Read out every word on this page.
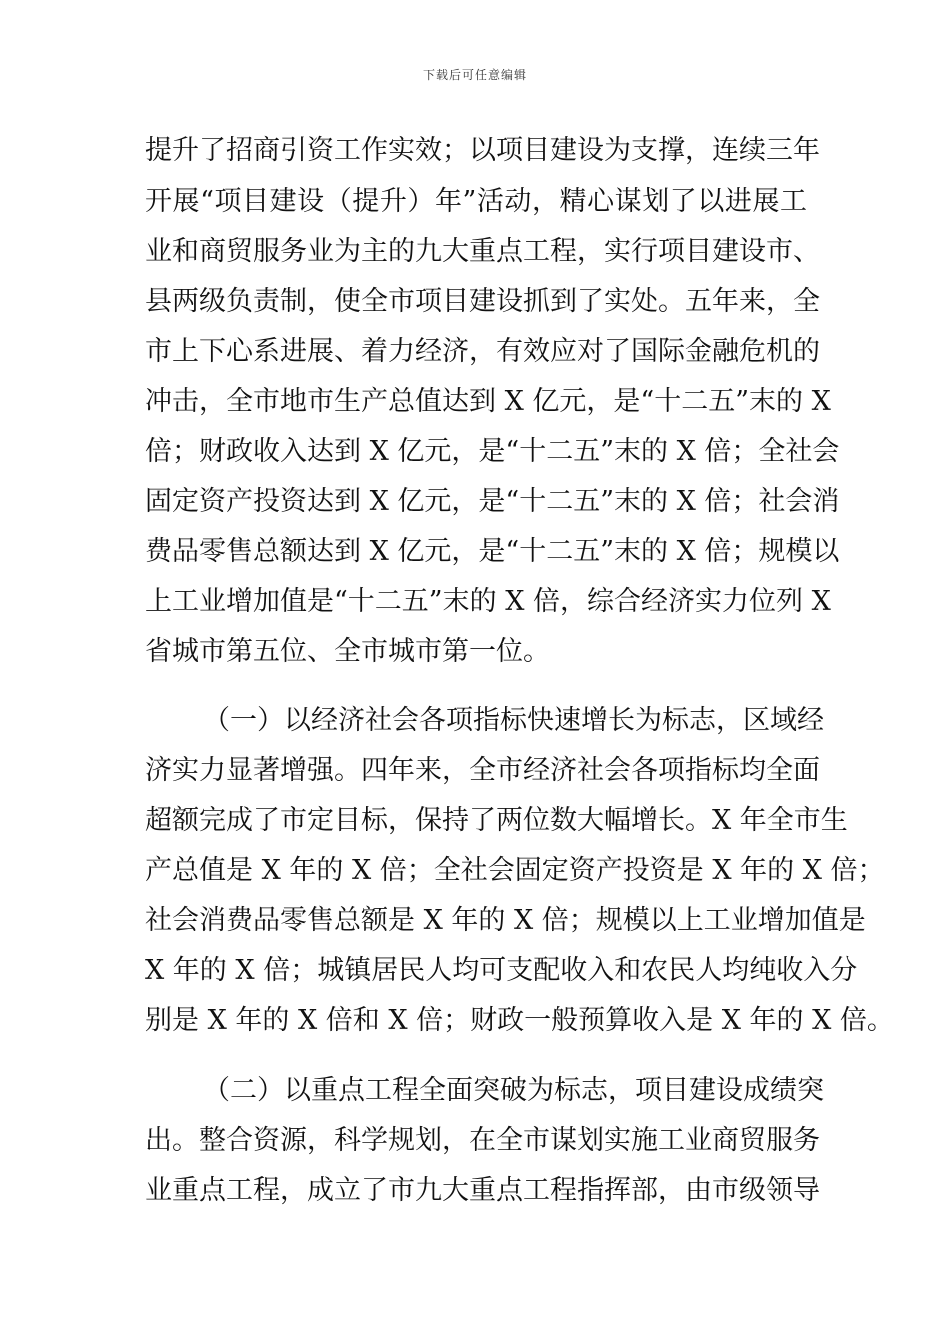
下载后可任意编辑
提升了招商引资工作实效；以项目建设为支撑，连续三年
开展“项目建设（提升）年”活动，精心谋划了以进展工
业和商贸服务业为主的九大重点工程，实行项目建设市、
县两级负责制，使全市项目建设抓到了实处。五年来，全
市上下心系进展、着力经济，有效应对了国际金融危机的
冲击，全市地市生产总值达到 X 亿元，是“十二五”末的 X
倍；财政收入达到 X 亿元，是“十二五”末的 X 倍；全社会
固定资产投资达到 X 亿元，是“十二五”末的 X 倍；社会消
费品零售总额达到 X 亿元，是“十二五”末的 X 倍；规模以
上工业增加值是“十二五”末的 X 倍，综合经济实力位列 X
省城市第五位、全市城市第一位。
（一）以经济社会各项指标快速增长为标志，区域经
济实力显著增强。四年来，全市经济社会各项指标均全面
超额完成了市定目标，保持了两位数大幅增长。X 年全市生
产总值是 X 年的 X 倍；全社会固定资产投资是 X 年的 X 倍；
社会消费品零售总额是 X 年的 X 倍；规模以上工业增加值是
X 年的 X 倍；城镇居民人均可支配收入和农民人均纯收入分
别是 X 年的 X 倍和 X 倍；财政一般预算收入是 X 年的 X 倍。
（二）以重点工程全面突破为标志，项目建设成绩突
出。整合资源，科学规划，在全市谋划实施工业商贸服务
业重点工程，成立了市九大重点工程指挥部，由市级领导
